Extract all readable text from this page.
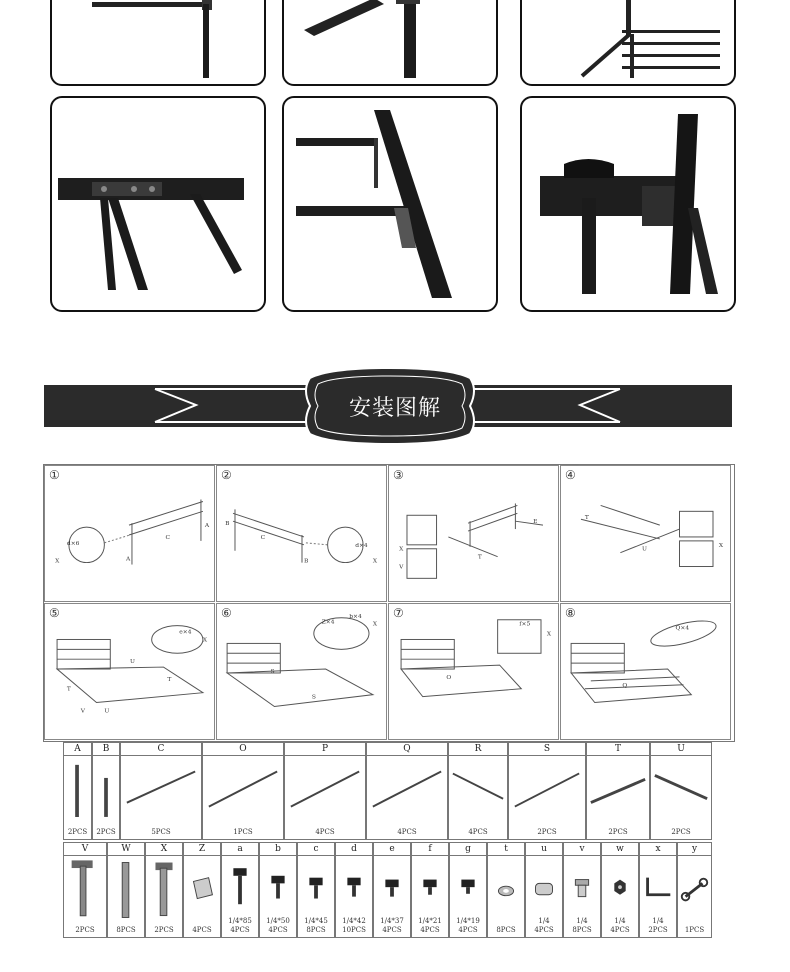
安装图解
①
d×6
X
A
C
A
②
B
C
B
d×4
X
③
E
T
X
V
④
T
U
X
⑤
e×4
X
U
T
V
T
U
⑥
Z×4
b×4
X
S
S
⑦
f×5
X
O
⑧
Q×4
Q
A
2PCS
B
2PCS
C
5PCS
O
1PCS
P
4PCS
Q
4PCS
R
4PCS
S
2PCS
T
2PCS
U
2PCS
V
2PCS
W
8PCS
X
2PCS
Z
4PCS
a
1/4*85
4PCS
b
1/4*50
4PCS
c
1/4*45
8PCS
d
1/4*42
10PCS
e
1/4*37
4PCS
f
1/4*21
4PCS
g
1/4*19
4PCS
t
8PCS
u
1/4
4PCS
v
1/4
8PCS
w
1/4
4PCS
x
1/4
2PCS
y
1PCS
